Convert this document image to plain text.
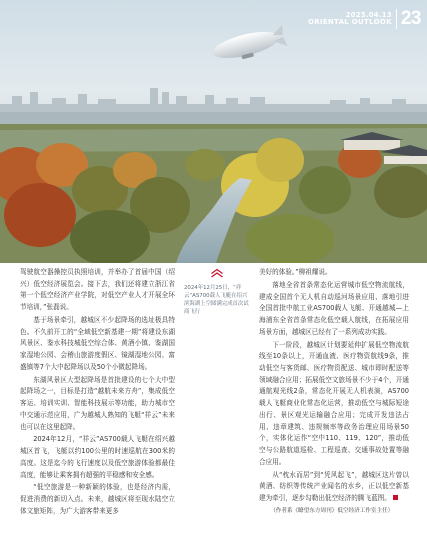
2025.04.13
ORIENTAL OUTLOOK 23

驾驶航空器操控员执照培训，并举办了首届中国（绍兴）低空经济展览会。接下去，我们还将建立浙江省第一个低空经济产业学院，对低空产业人才开展全环节培训，”张磊说。

基于场景牵引，越城区不少起降场的选址极具特色。不久前开工的“全域低空新基建一期”将建设东湖风景区、鉴水科技城低空综合体、黄酒小镇、鉴湖国家湿地公园、会稽山旅游度假区、镜湖湿地公园、富盛镇等7个大中起降场以及50个小微起降场。

东湖风景区大型起降场是首批建设的七个大中型起降场之一，目标是打造“越航未来方舟”，集成低空客运、培训实训、智能科技展示等功能，助力城市空中交通示范应用，广为越城人熟知的飞艇“祥云”未来也可以在这里起降。

2024年12月，“祥云”AS700载人飞艇在绍兴越城区首飞，飞艇以约100公里的时速巡航在300米的高度。这是迄今的飞行速度以及低空旅游体验都最佳高度，能够让乘客拥有超强的平稳感和安全感。

“低空旅游是一种新颖的体验，也是经济内需，促进消费的新切入点。未来，越城区将至现水陆空立体文旅矩阵，为广大游客带来更多

2024年12月25日，“祥云”AS700载人飞艇在绍兴滨海湖上空圆满完成首次试商飞行

美好的体验。”柳祖耀说。

落地全省首条常态化运营城市低空物流航线，建成全国首个无人机自动巡河场景应用、落地引进全国首批中航工业AS700载人飞艇、开通越城—上海浦东全省首条常态化低空载人航线，在拓展应用场景方面，越城区已经有了一系列成功实践。

下一阶段，越城区计划要延伸扩展低空物流航线至10条以上，开通血液、医疗物资航线9条，推动低空与客货邮、医疗物资配送、城市即时配送等领域融合应用；拓展低空文旅场景不少于4个，开通通航观光线2条，常态化开展无人机表演，AS700载人飞艇商业化常态化运营，推动低空与城际短途出行、景区观光运输融合应用；完成开发违法占用、违章建筑、违规频率等政务治理应用场景50个，实体化运作“空中110、119、120”，推动低空与公路航道巡检、工程巡查、交通事故处置等融合应用。

从“枕水而居”到“凭风起飞”，越城区这片曾以黄酒、纺织等传统产业闻名的水乡，正以低空新基建为牵引，逐步勾勒出低空经济的腾飞蓝图。

（作者系《瞭望东方周刊》低空经济工作室主任）
